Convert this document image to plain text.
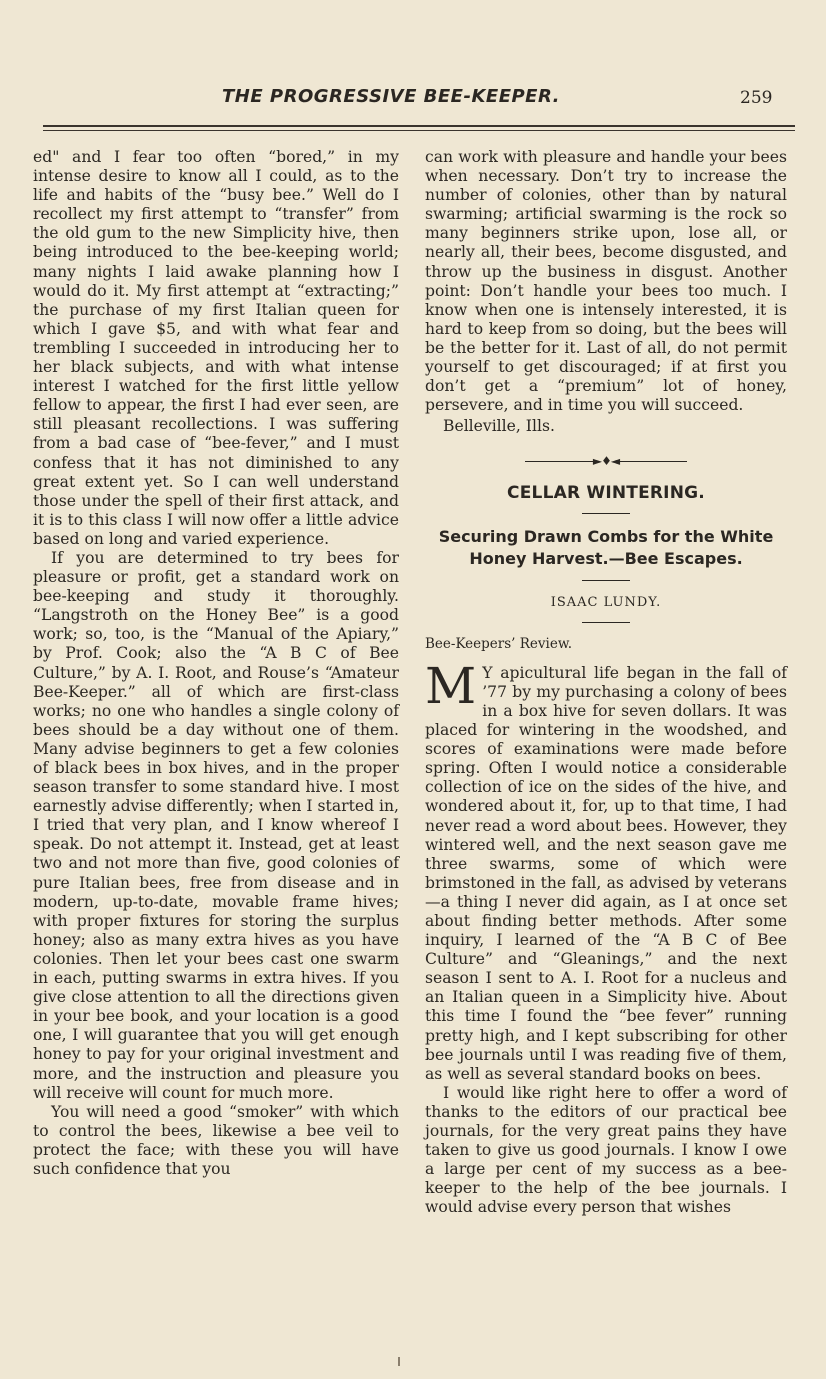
THE PROGRESSIVE BEE-KEEPER.	259

ed" and I fear too often “bored,” in my intense desire to know all I could, as to the life and habits of the “busy bee.” Well do I recollect my first attempt to “transfer” from the old gum to the new Simplicity hive, then being introduced to the bee-keeping world; many nights I laid awake planning how I would do it. My first attempt at “extracting;” the purchase of my first Italian queen for which I gave $5, and with what fear and trembling I succeeded in introducing her to her black subjects, and with what intense interest I watched for the first little yellow fellow to appear, the first I had ever seen, are still pleasant recollections. I was suffering from a bad case of “bee-fever,” and I must confess that it has not diminished to any great extent yet. So I can well understand those under the spell of their first attack, and it is to this class I will now offer a little advice based on long and varied experience.

If you are determined to try bees for pleasure or profit, get a standard work on bee-keeping and study it thoroughly. “Langstroth on the Honey Bee” is a good work; so, too, is the “Manual of the Apiary,” by Prof. Cook; also the “A B C of Bee Culture,” by A. I. Root, and Rouse’s “Amateur Bee-Keeper.” all of which are first-class works; no one who handles a single colony of bees should be a day without one of them. Many advise beginners to get a few colonies of black bees in box hives, and in the proper season transfer to some standard hive. I most earnestly advise differently; when I started in, I tried that very plan, and I know whereof I speak. Do not attempt it. Instead, get at least two and not more than five, good colonies of pure Italian bees, free from disease and in modern, up-to-date, movable frame hives; with proper fixtures for storing the surplus honey; also as many extra hives as you have colonies. Then let your bees cast one swarm in each, putting swarms in extra hives. If you give close attention to all the directions given in your bee book, and your location is a good one, I will guarantee that you will get enough honey to pay for your original investment and more, and the instruction and pleasure you will receive will count for much more.

You will need a good “smoker” with which to control the bees, likewise a bee veil to protect the face; with these you will have such confidence that you

can work with pleasure and handle your bees when necessary. Don’t try to increase the number of colonies, other than by natural swarming; artificial swarming is the rock so many beginners strike upon, lose all, or nearly all, their bees, become disgusted, and throw up the business in disgust. Another point: Don’t handle your bees too much. I know when one is intensely interested, it is hard to keep from so doing, but the bees will be the better for it. Last of all, do not permit yourself to get discouraged; if at first you don’t get a “premium” lot of honey, persevere, and in time you will succeed.

Belleville, Ills.

►♦◄
CELLAR WINTERING.
Securing Drawn Combs for the White
Honey Harvest.—Bee Escapes.
ISAAC LUNDY.
Bee-Keepers’ Review.

M Y apicultural life began in the fall of ’77 by my purchasing a colony of bees in a box hive for seven dollars. It was placed for wintering in the woodshed, and scores of examinations were made before spring. Often I would notice a considerable collection of ice on the sides of the hive, and wondered about it, for, up to that time, I had never read a word about bees. However, they wintered well, and the next season gave me three swarms, some of which were brimstoned in the fall, as advised by veterans—a thing I never did again, as I at once set about finding better methods. After some inquiry, I learned of the “A B C of Bee Culture” and “Gleanings,” and the next season I sent to A. I. Root for a nucleus and an Italian queen in a Simplicity hive. About this time I found the “bee fever” running pretty high, and I kept subscribing for other bee journals until I was reading five of them, as well as several standard books on bees.

I would like right here to offer a word of thanks to the editors of our practical bee journals, for the very great pains they have taken to give us good journals. I know I owe a large per cent of my success as a bee-keeper to the help of the bee journals. I would advise every person that wishes
